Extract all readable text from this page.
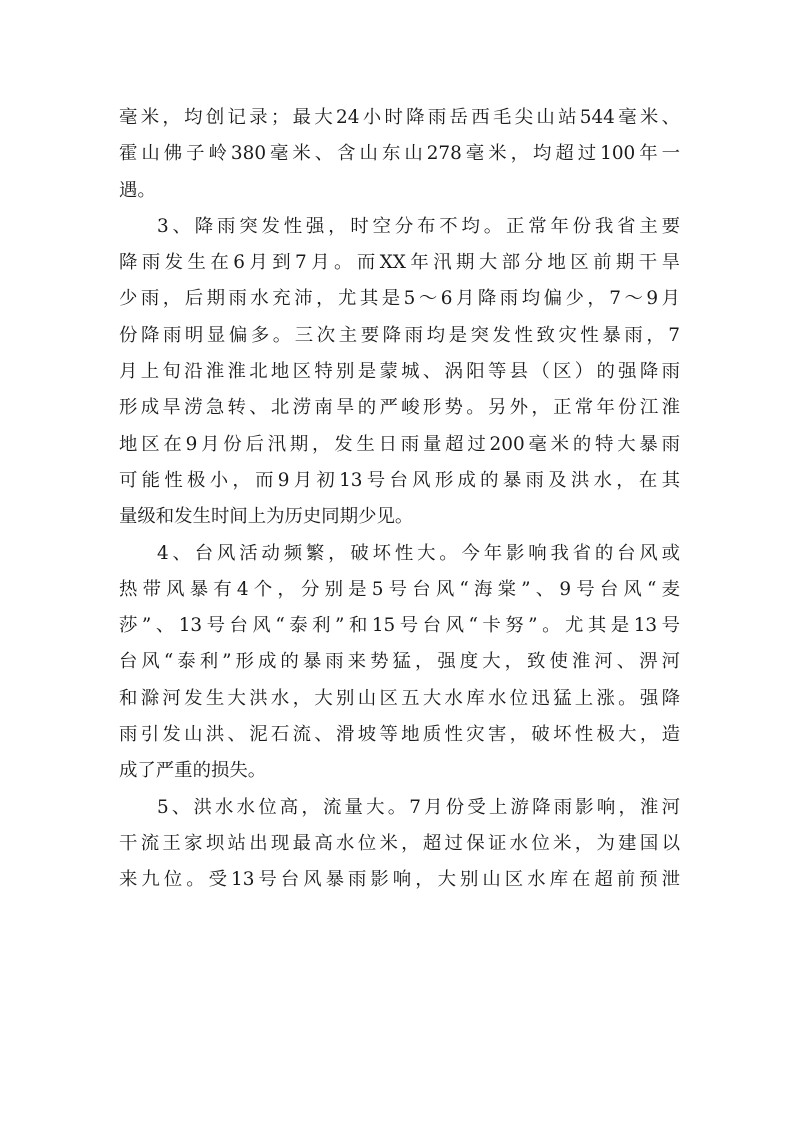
毫米，均创记录；最大24小时降雨岳西毛尖山站544毫米、
霍山佛子岭380毫米、含山东山278毫米，均超过100年一
遇。
3、降雨突发性强，时空分布不均。正常年份我省主要
降雨发生在6月到7月。而XX年汛期大部分地区前期干旱
少雨，后期雨水充沛，尤其是5～6月降雨均偏少，7～9月
份降雨明显偏多。三次主要降雨均是突发性致灾性暴雨，7
月上旬沿淮淮北地区特别是蒙城、涡阳等县（区）的强降雨
形成旱涝急转、北涝南旱的严峻形势。另外，正常年份江淮
地区在9月份后汛期，发生日雨量超过200毫米的特大暴雨
可能性极小，而9月初13号台风形成的暴雨及洪水，在其
量级和发生时间上为历史同期少见。
4、台风活动频繁，破坏性大。今年影响我省的台风或
热带风暴有4个，分别是5号台风“海棠”、9号台风“麦
莎”、13号台风“泰利”和15号台风“卡努”。尤其是13号
台风“泰利”形成的暴雨来势猛，强度大，致使淮河、淠河
和滁河发生大洪水，大别山区五大水库水位迅猛上涨。强降
雨引发山洪、泥石流、滑坡等地质性灾害，破坏性极大，造
成了严重的损失。
5、洪水水位高，流量大。7月份受上游降雨影响，淮河
干流王家坝站出现最高水位米，超过保证水位米，为建国以
来九位。受13号台风暴雨影响，大别山区水库在超前预泄
